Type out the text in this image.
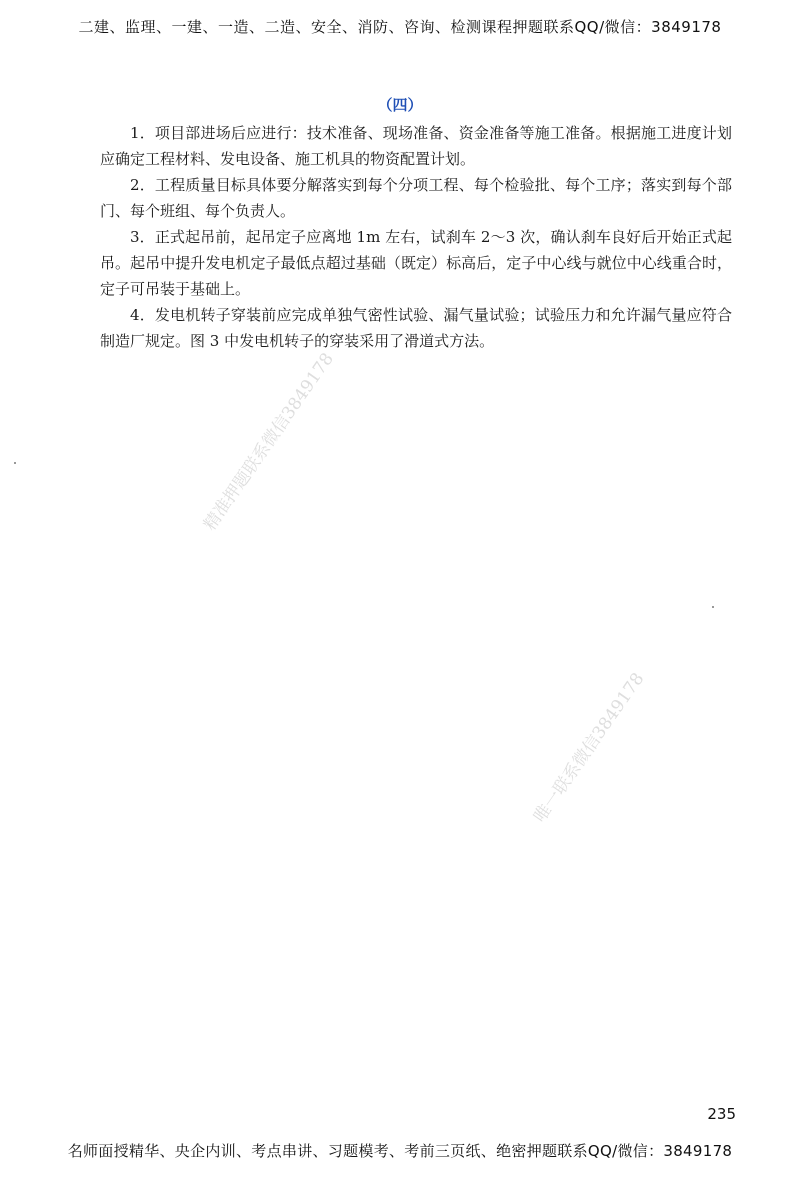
二建、监理、一建、一造、二造、安全、消防、咨询、检测课程押题联系QQ/微信：3849178
（四）

1．项目部进场后应进行：技术准备、现场准备、资金准备等施工准备。根据施工进度计划应确定工程材料、发电设备、施工机具的物资配置计划。

2．工程质量目标具体要分解落实到每个分项工程、每个检验批、每个工序；落实到每个部门、每个班组、每个负责人。

3．正式起吊前，起吊定子应离地 1m 左右，试刹车 2～3 次，确认刹车良好后开始正式起吊。起吊中提升发电机定子最低点超过基础（既定）标高后，定子中心线与就位中心线重合时，定子可吊装于基础上。

4．发电机转子穿装前应完成单独气密性试验、漏气量试验；试验压力和允许漏气量应符合制造厂规定。图 3 中发电机转子的穿装采用了滑道式方法。

精准押题联系微信3849178
唯一联系微信3849178
235
名师面授精华、央企内训、考点串讲、习题模考、考前三页纸、绝密押题联系QQ/微信：3849178
